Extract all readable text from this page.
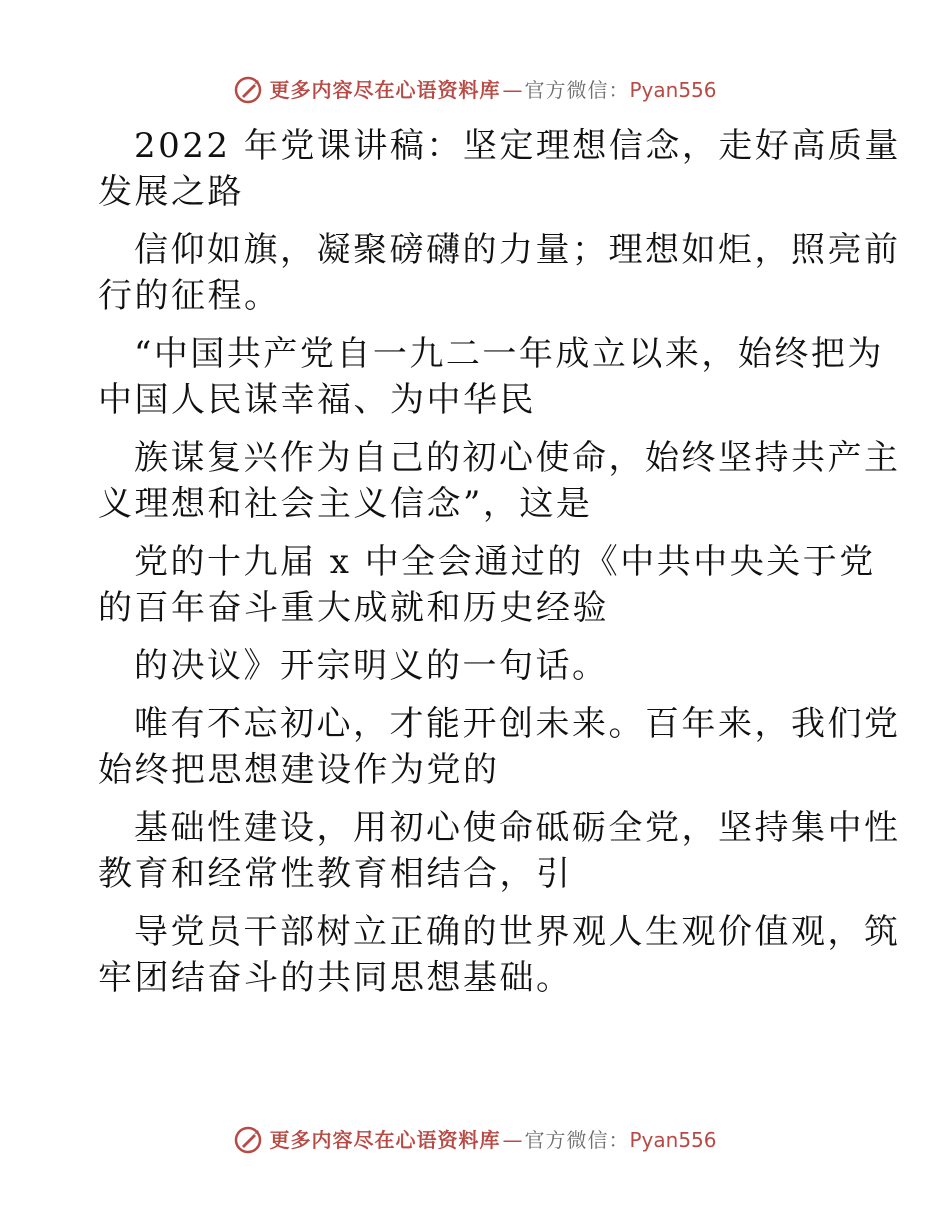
更多内容尽在心语资料库 — 官方微信： Pyan556
2022 年党课讲稿：坚定理想信念，走好高质量
发展之路
信仰如旗，凝聚磅礴的力量；理想如炬，照亮前
行的征程。
“中国共产党自一九二一年成立以来，始终把为
中国人民谋幸福、为中华民
族谋复兴作为自己的初心使命，始终坚持共产主
义理想和社会主义信念”，这是
党的十九届 x 中全会通过的《中共中央关于党
的百年奋斗重大成就和历史经验
的决议》开宗明义的一句话。
唯有不忘初心，才能开创未来。百年来，我们党
始终把思想建设作为党的
基础性建设，用初心使命砥砺全党，坚持集中性
教育和经常性教育相结合，引
导党员干部树立正确的世界观人生观价值观，筑
牢团结奋斗的共同思想基础。
更多内容尽在心语资料库 — 官方微信： Pyan556
